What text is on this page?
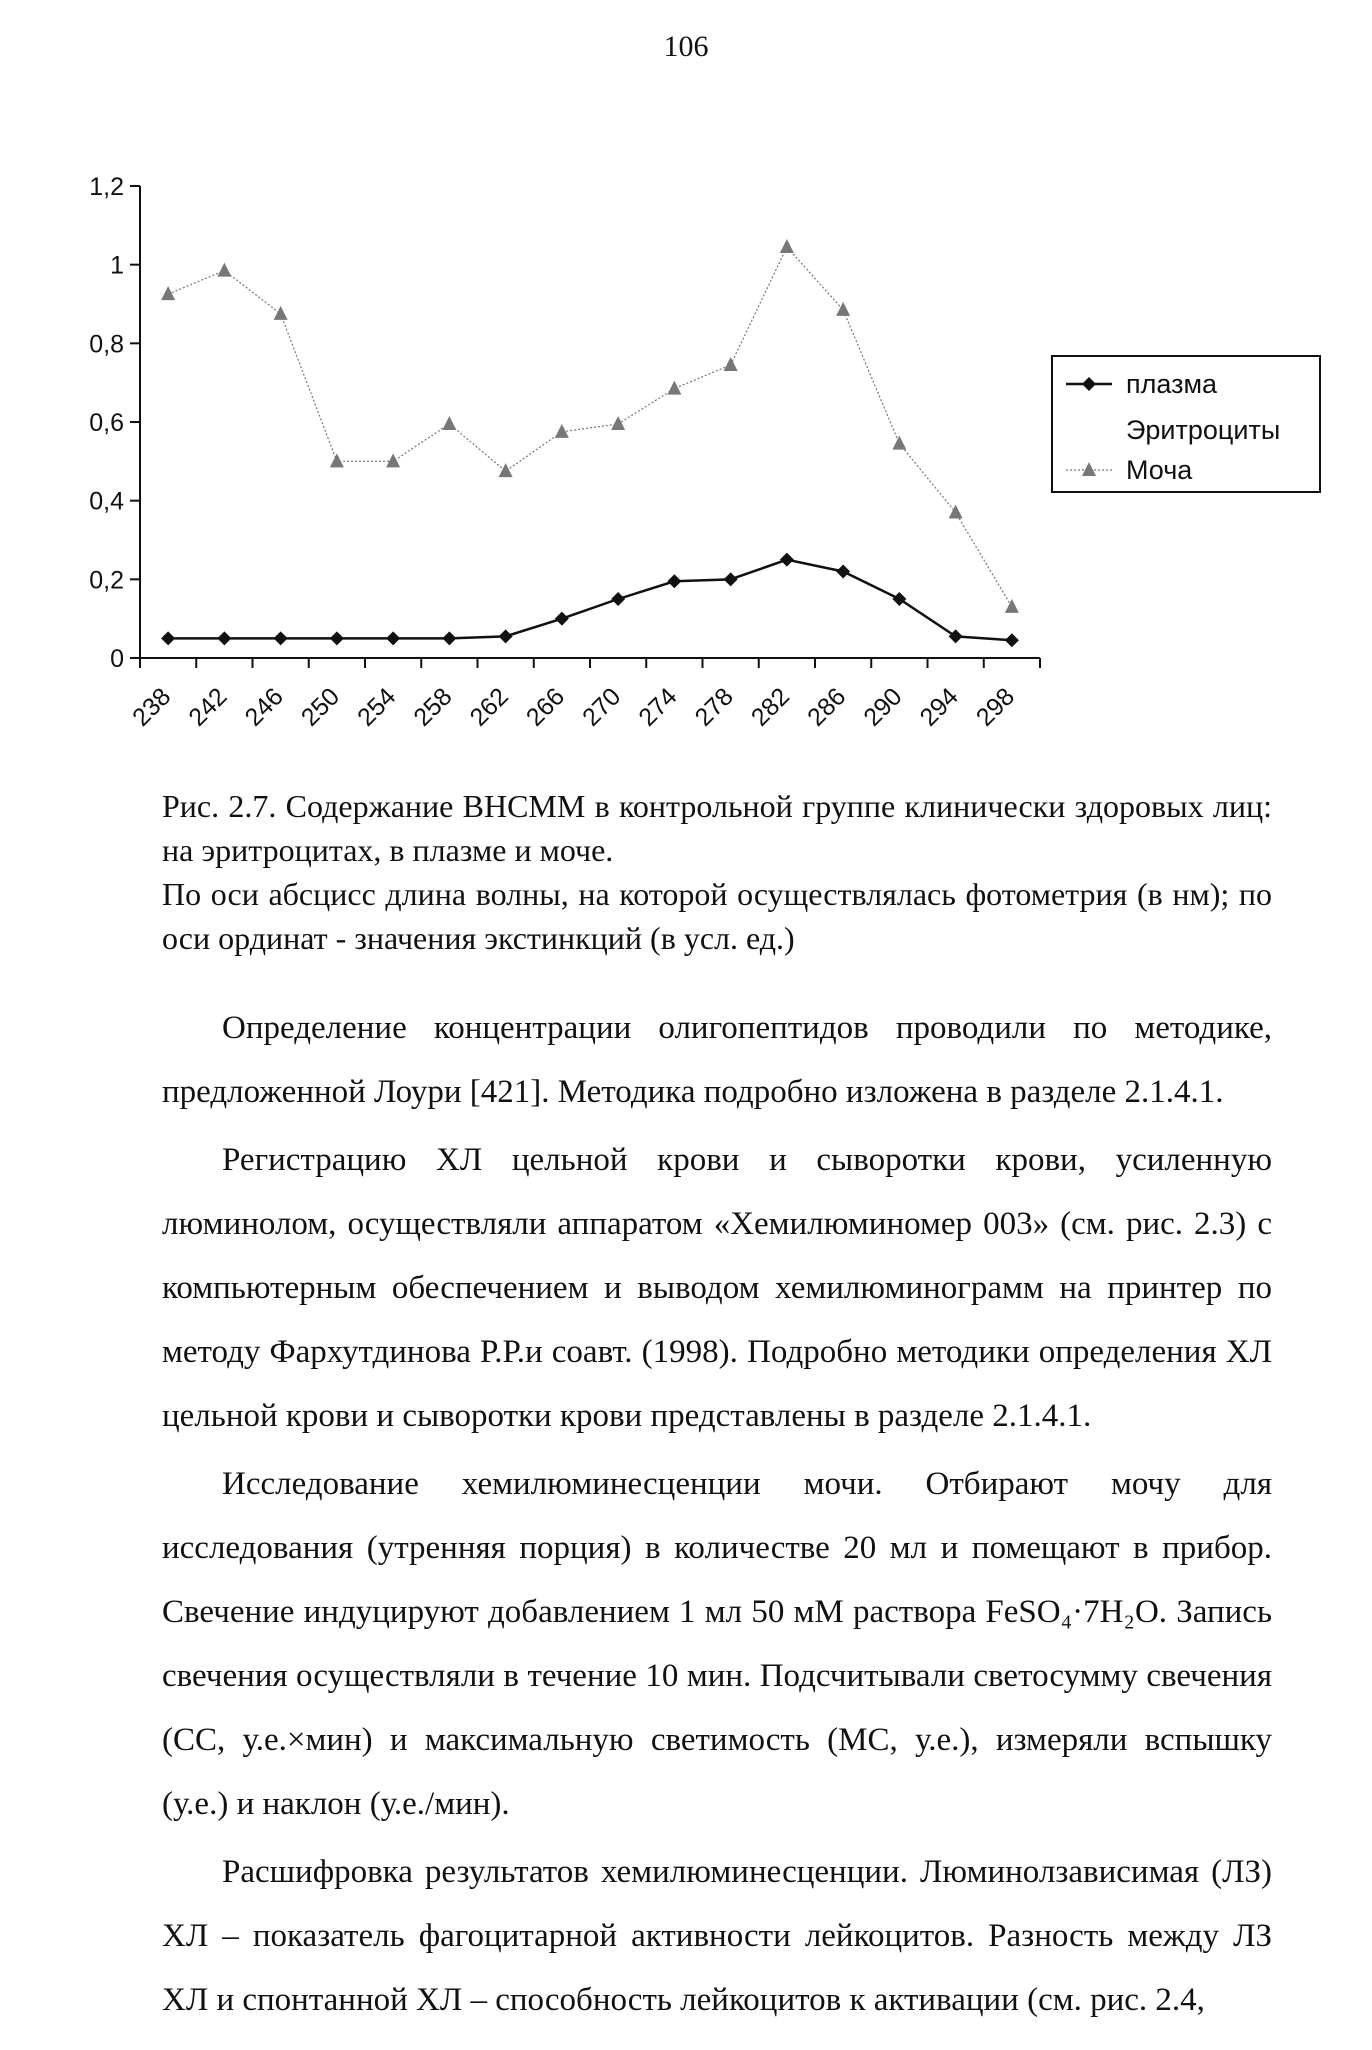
106
0
0,2
0,4
0,6
0,8
1
1,2
238 242 246 250 254 258 262 266 270 274 278 282 286 290 294 298
плазма
Эритроциты
Моча

Рис. 2.7. Содержание ВНСММ в контрольной группе клинически здоровых лиц: на эритроцитах, в плазме и моче.

По оси абсцисс длина волны, на которой осуществлялась фотометрия (в нм); по оси ординат - значения экстинкций (в усл. ед.)

Определение концентрации олигопептидов проводили по методике, предложенной Лоури [421]. Методика подробно изложена в разделе 2.1.4.1.

Регистрацию ХЛ цельной крови и сыворотки крови, усиленную люминолом, осуществляли аппаратом «Хемилюминомер 003» (см. рис. 2.3) с компьютерным обеспечением и выводом хемилюминограмм на принтер по методу Фархутдинова Р.Р.и соавт. (1998). Подробно методики определения ХЛ цельной крови и сыворотки крови представлены в разделе 2.1.4.1.

Исследование хемилюминесценции мочи. Отбирают мочу для исследования (утренняя порция) в количестве 20 мл и помещают в прибор. Свечение индуцируют добавлением 1 мл 50 мМ раствора FeSO₄·7H₂O. Запись свечения осуществляли в течение 10 мин. Подсчитывали светосумму свечения (СС, у.е.×мин) и максимальную светимость (МС, у.е.), измеряли вспышку (у.е.) и наклон (у.е./мин).

Расшифровка результатов хемилюминесценции. Люминолзависимая (ЛЗ) ХЛ – показатель фагоцитарной активности лейкоцитов. Разность между ЛЗ ХЛ и спонтанной ХЛ – способность лейкоцитов к активации (см. рис. 2.4,
